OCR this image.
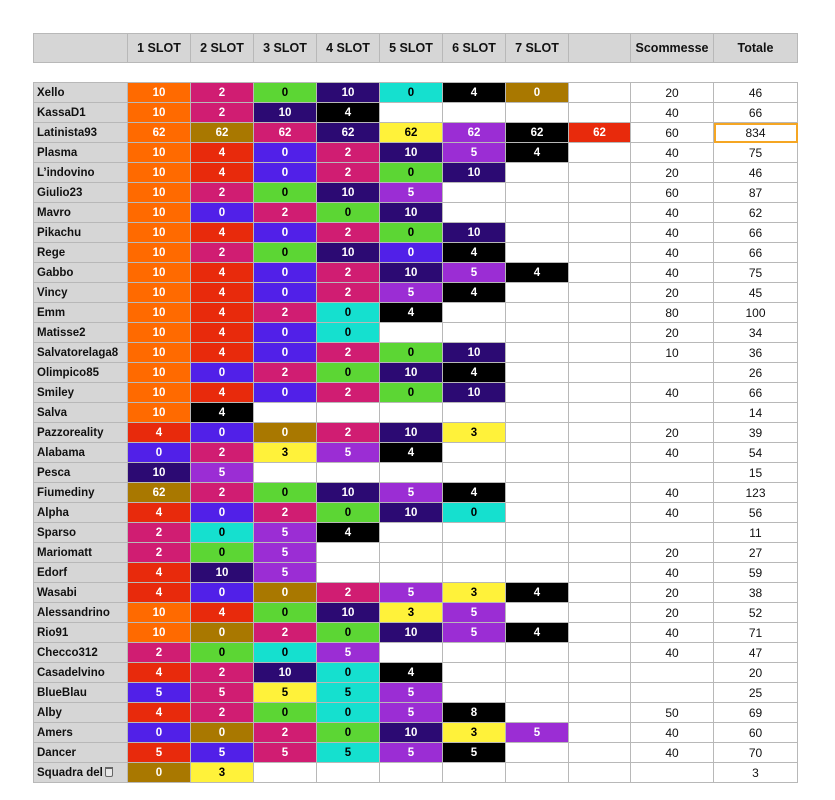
	1 SLOT	2 SLOT	3 SLOT	4 SLOT	5 SLOT	6 SLOT	7 SLOT		Scommesse	Totale

Xello	10	2	0	10	0	4	0		20	46
KassaD1	10	2	10	4					40	66
Latinista93	62	62	62	62	62	62	62	62	60	834
Plasma	10	4	0	2	10	5	4		40	75
L’indovino	10	4	0	2	0	10			20	46
Giulio23	10	2	0	10	5				60	87
Mavro	10	0	2	0	10				40	62
Pikachu	10	4	0	2	0	10			40	66
Rege	10	2	0	10	0	4			40	66
Gabbo	10	4	0	2	10	5	4		40	75
Vincy	10	4	0	2	5	4			20	45
Emm	10	4	2	0	4				80	100
Matisse2	10	4	0	0					20	34
Salvatorelaga8	10	4	0	2	0	10			10	36
Olimpico85	10	0	2	0	10	4				26
Smiley	10	4	0	2	0	10			40	66
Salva	10	4								14
Pazzoreality	4	0	0	2	10	3			20	39
Alabama	0	2	3	5	4				40	54
Pesca	10	5								15
Fiumediny	62	2	0	10	5	4			40	123
Alpha	4	0	2	0	10	0			40	56
Sparso	2	0	5	4						11
Mariomatt	2	0	5						20	27
Edorf	4	10	5						40	59
Wasabi	4	0	0	2	5	3	4		20	38
Alessandrino	10	4	0	10	3	5			20	52
Rio91	10	0	2	0	10	5	4		40	71
Checco312	2	0	0	5					40	47
Casadelvino	4	2	10	0	4					20
BlueBlau	5	5	5	5	5					25
Alby	4	2	0	0	5	8			50	69
Amers	0	0	2	0	10	3	5		40	60
Dancer	5	5	5	5	5	5			40	70
Squadra del	0	3								3
